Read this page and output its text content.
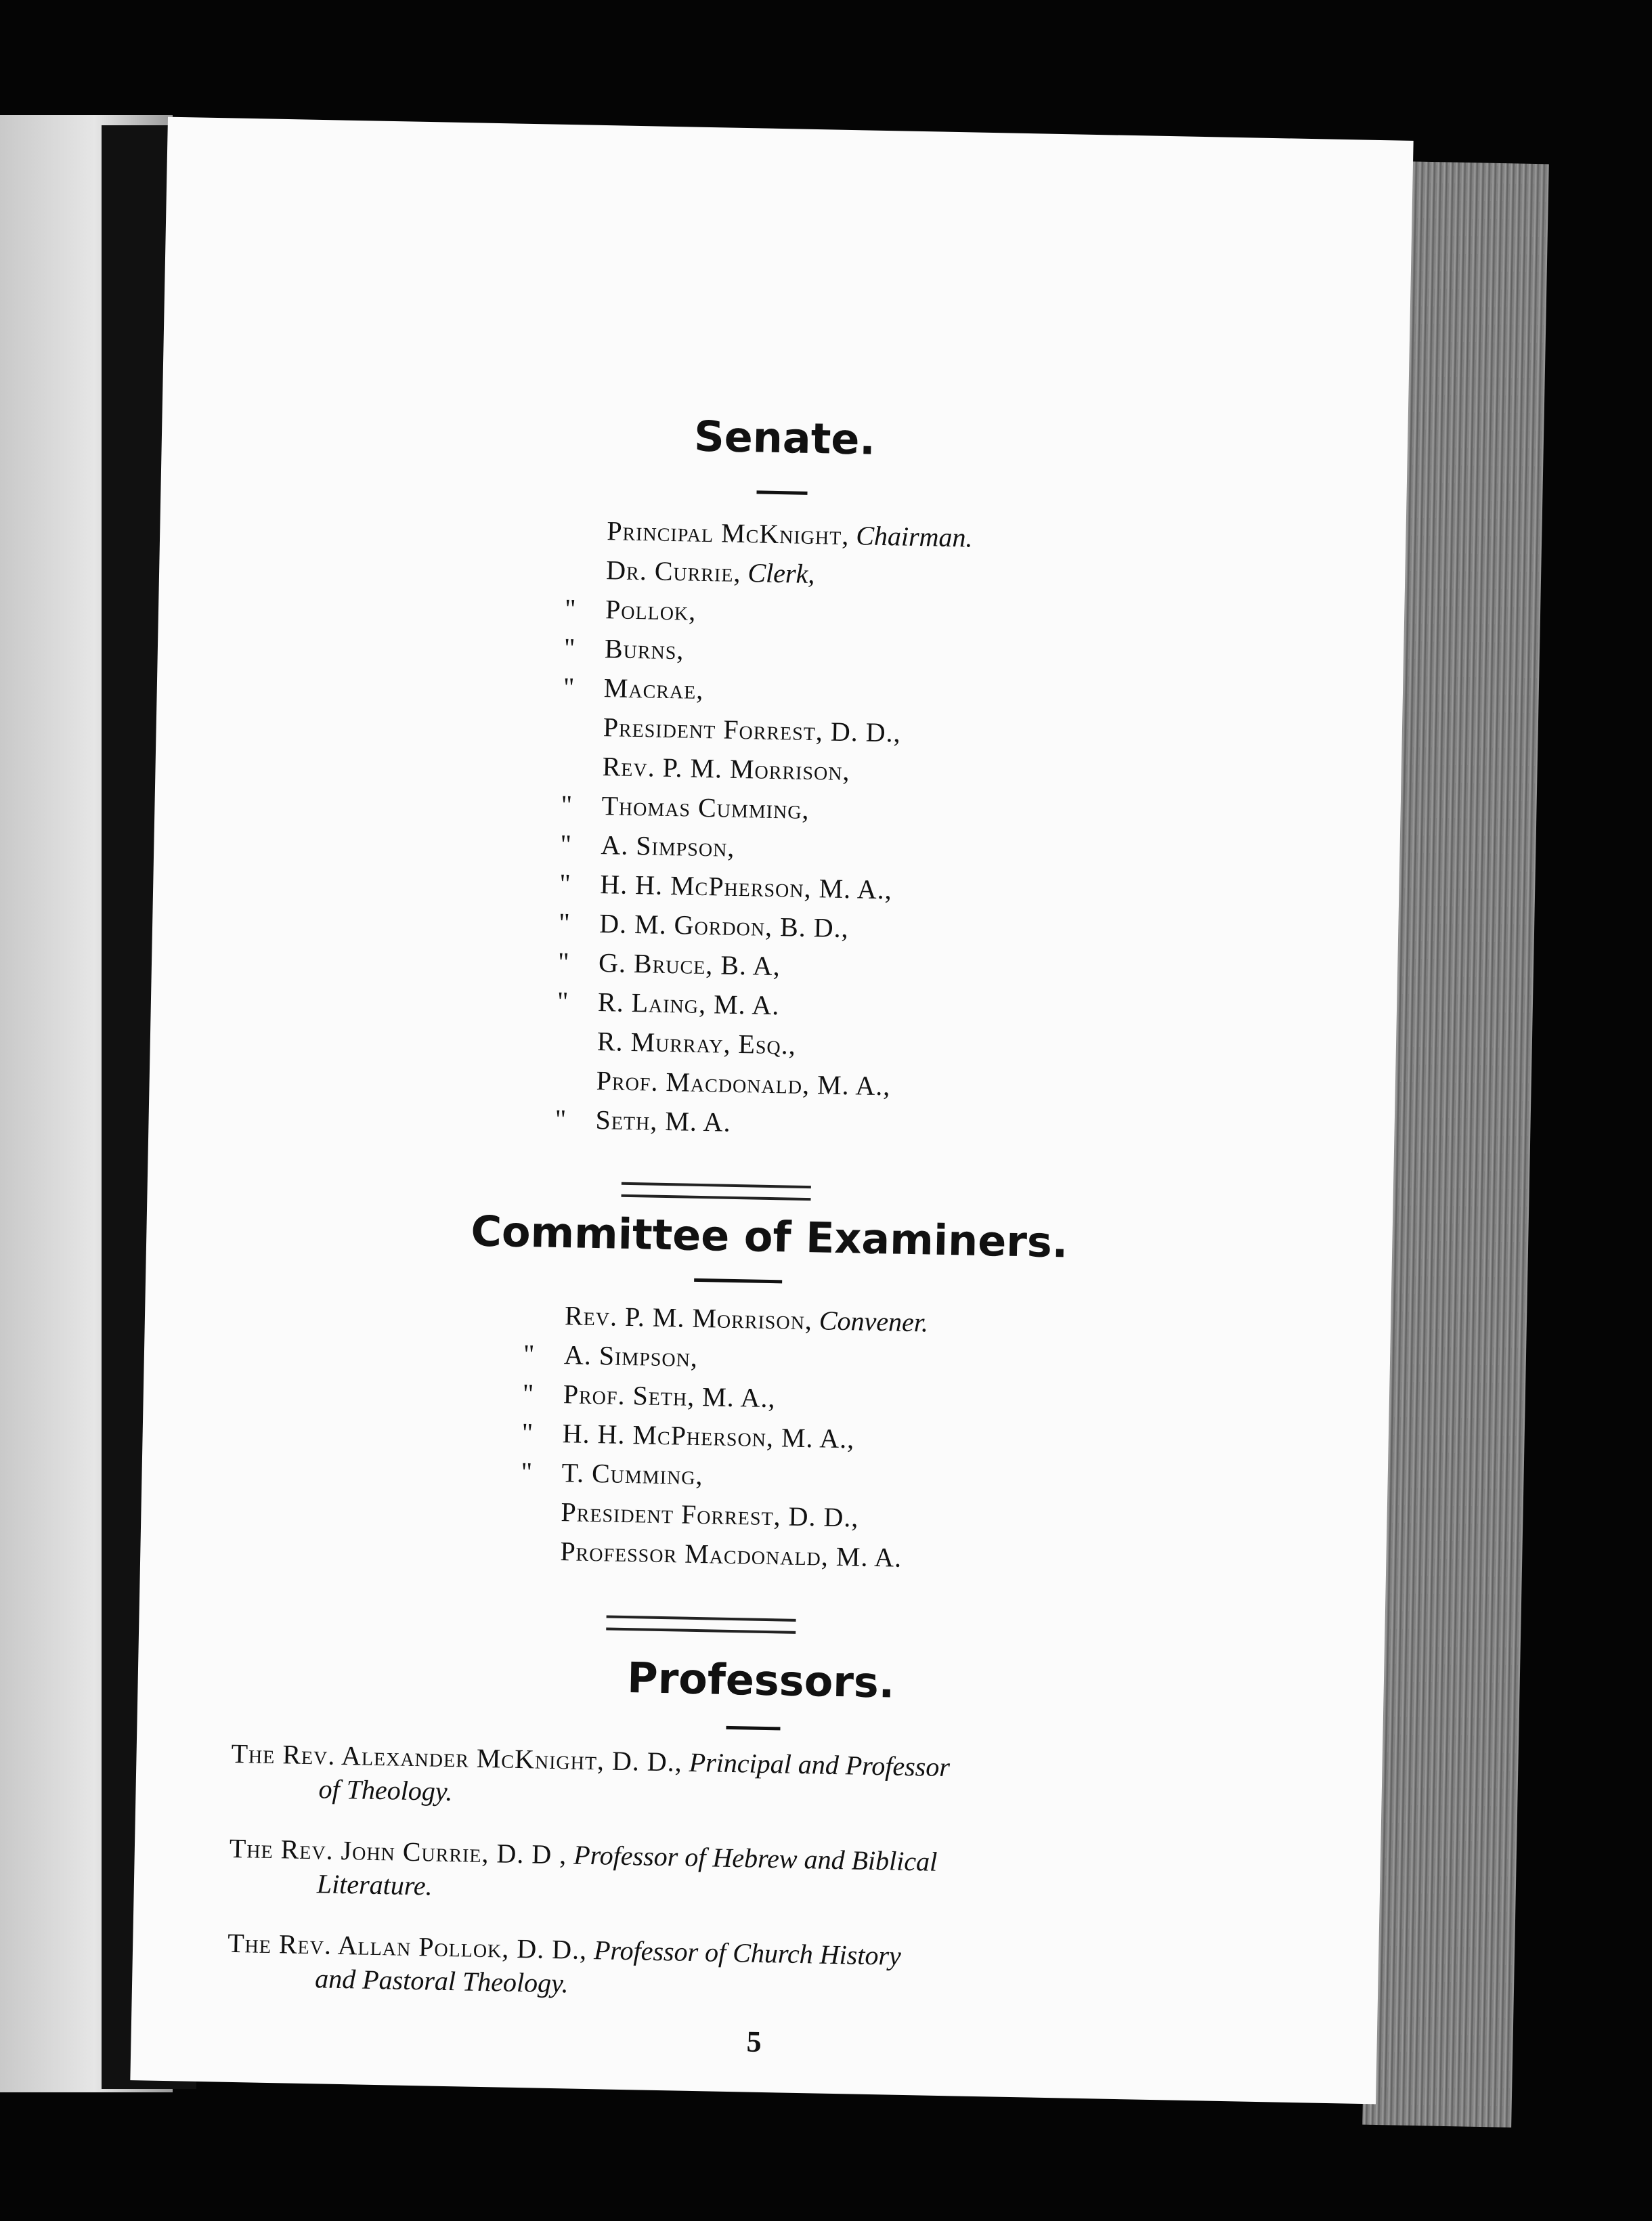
Senate.
Principal McKnight, Chairman.
Dr. Currie, Clerk,
" Pollok,
" Burns,
" Macrae,
President Forrest, D. D.,
Rev. P. M. Morrison,
" Thomas Cumming,
" A. Simpson,
" H. H. McPherson, M. A.,
" D. M. Gordon, B. D.,
" G. Bruce, B. A,
" R. Laing, M. A.
R. Murray, Esq.,
Prof. Macdonald, M. A.,
" Seth, M. A.
Committee of Examiners.
Rev. P. M. Morrison, Convener.
" A. Simpson,
" Prof. Seth, M. A.,
" H. H. McPherson, M. A.,
" T. Cumming,
President Forrest, D. D.,
Professor Macdonald, M. A.
Professors.

The Rev. Alexander McKnight, D. D., Principal and Professor
of Theology.

The Rev. John Currie, D. D , Professor of Hebrew and Biblical
Literature.

The Rev. Allan Pollok, D. D., Professor of Church History
and Pastoral Theology.

5
